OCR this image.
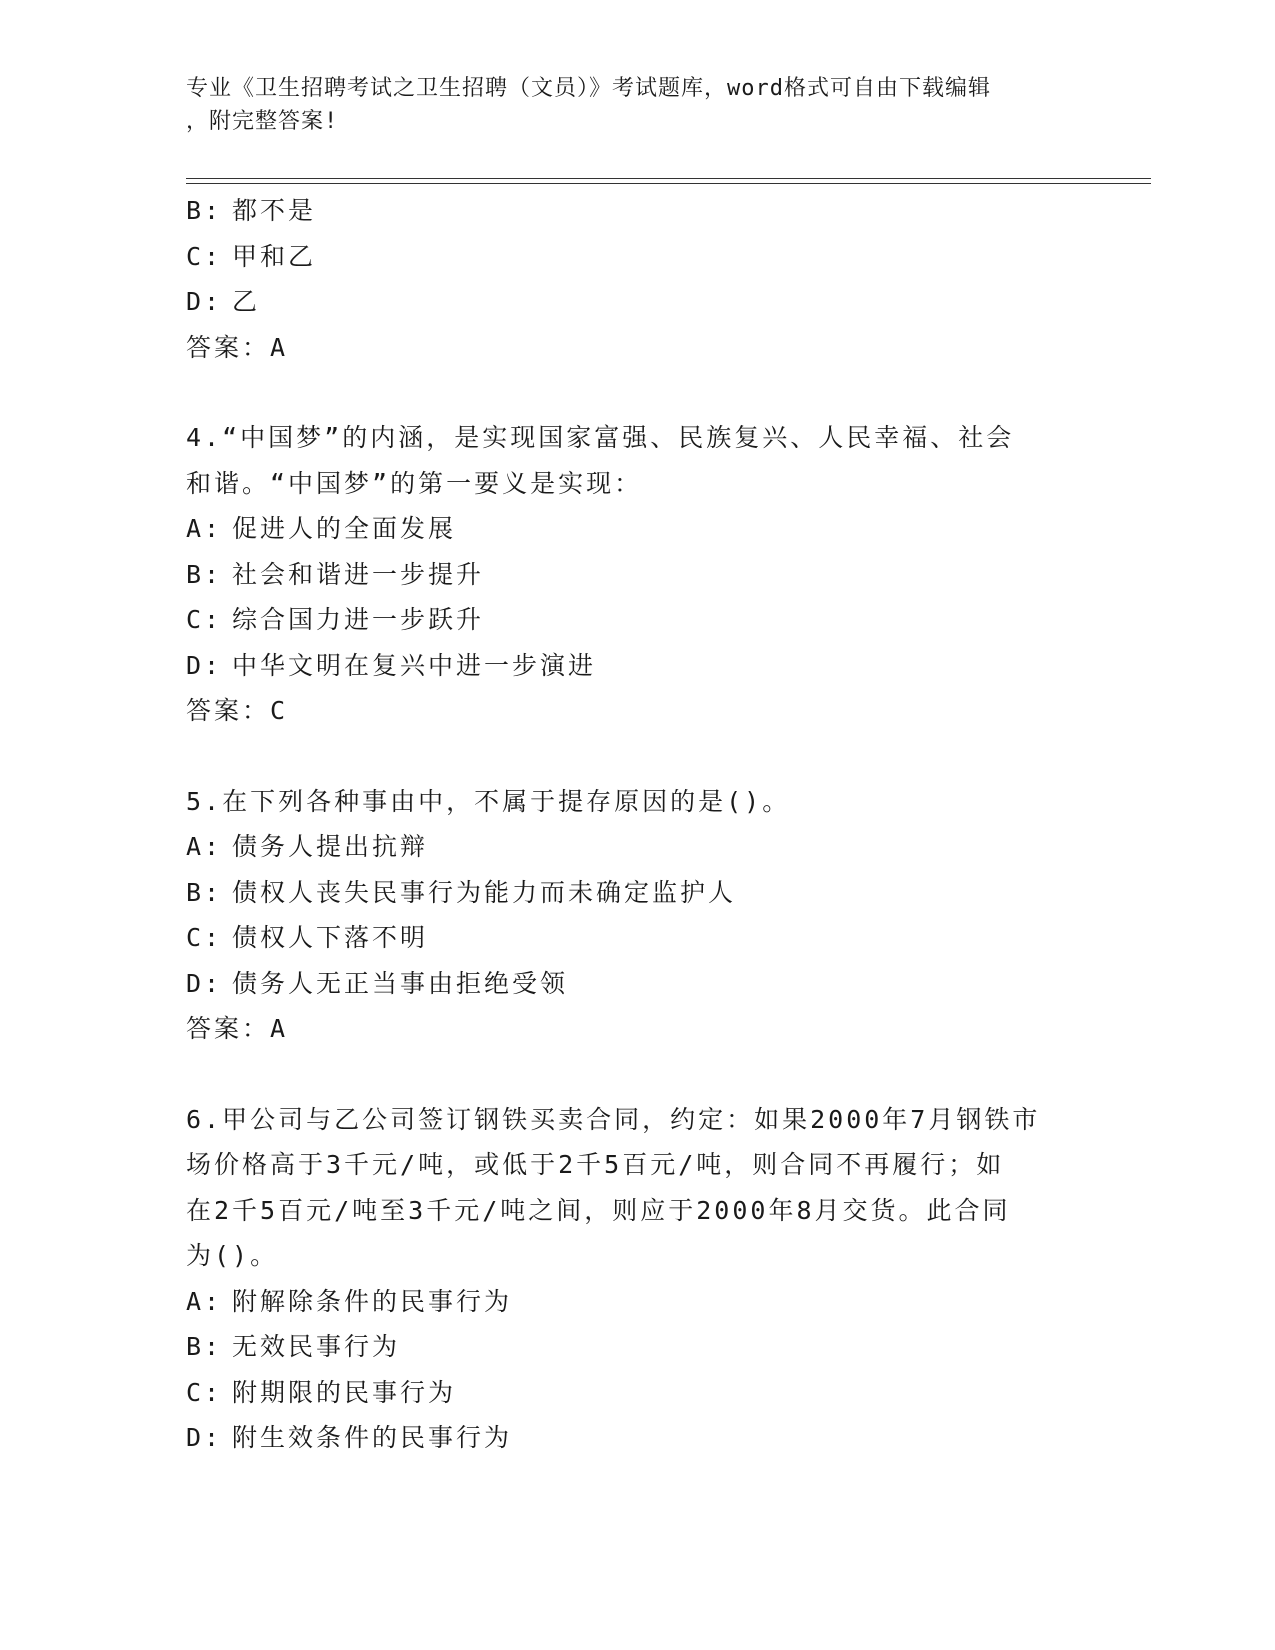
专业《卫生招聘考试之卫生招聘（文员）》考试题库，word格式可自由下载编辑
，附完整答案!
B: 都不是
C: 甲和乙
D: 乙
答案：A
4.“中国梦”的内涵，是实现国家富强、民族复兴、人民幸福、社会
和谐。“中国梦”的第一要义是实现：
A: 促进人的全面发展
B: 社会和谐进一步提升
C: 综合国力进一步跃升
D: 中华文明在复兴中进一步演进
答案：C
5.在下列各种事由中，不属于提存原因的是()。
A: 债务人提出抗辩
B: 债权人丧失民事行为能力而未确定监护人
C: 债权人下落不明
D: 债务人无正当事由拒绝受领
答案：A
6.甲公司与乙公司签订钢铁买卖合同，约定：如果2000年7月钢铁市
场价格高于3千元/吨，或低于2千5百元/吨，则合同不再履行；如
在2千5百元/吨至3千元/吨之间，则应于2000年8月交货。此合同
为()。
A: 附解除条件的民事行为
B: 无效民事行为
C: 附期限的民事行为
D: 附生效条件的民事行为
